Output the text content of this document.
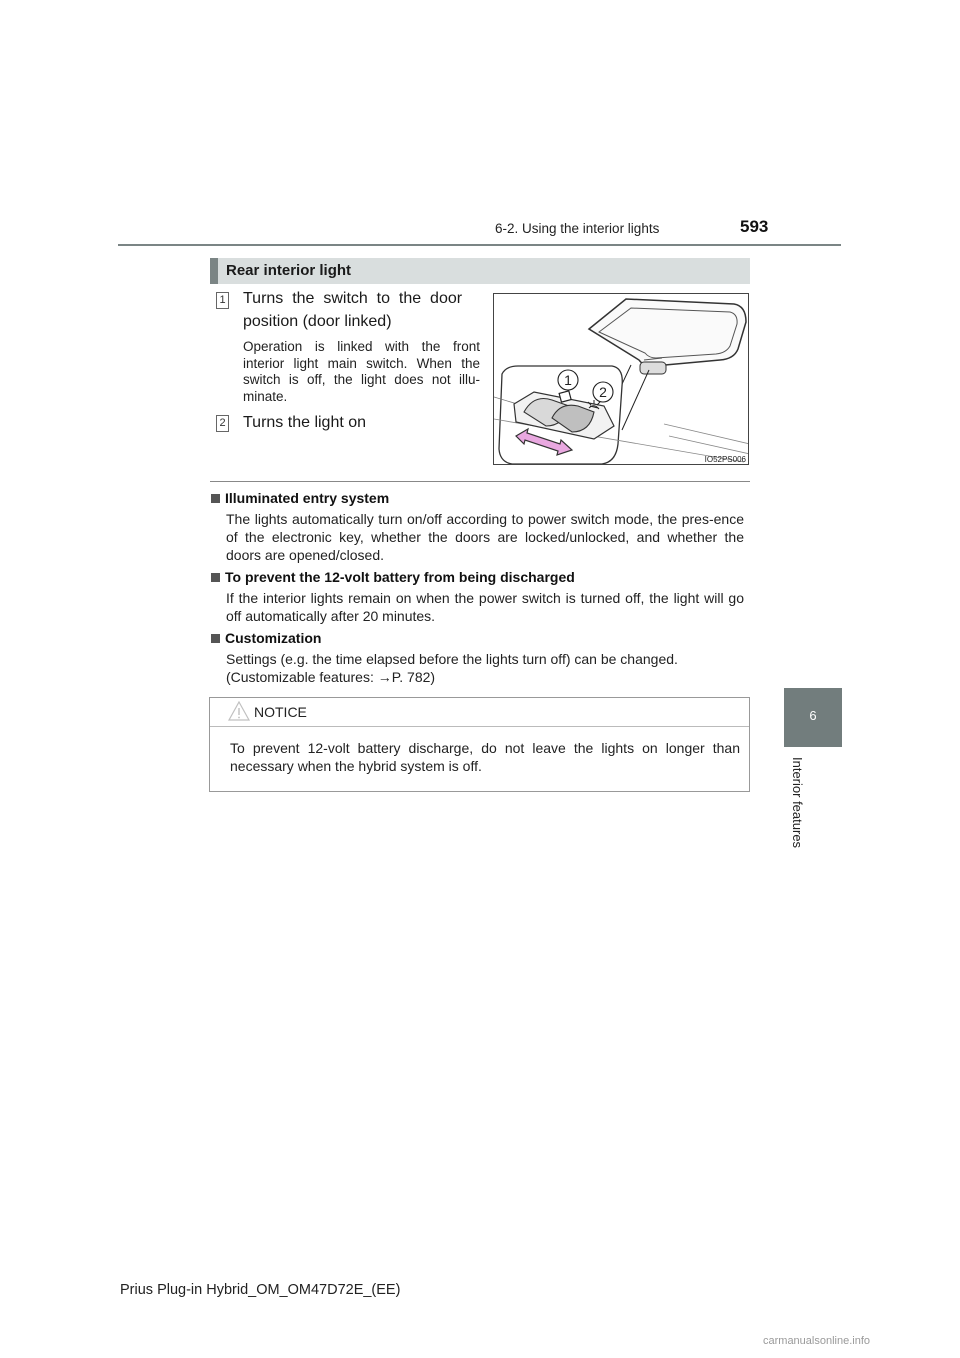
6-2. Using the interior lights	593
6
Interior features
Rear interior light
1 Turns  the  switch  to  the  door
position (door linked)
Operation is linked with the front interior light main switch. When the switch is off, the light does not illu-minate.
2 Turns the light on
1
2
IO52PS006
Illuminated entry system
The lights automatically turn on/off according to power switch mode, the pres-ence of the electronic key, whether the doors are locked/unlocked, and whether the doors are opened/closed.
To prevent the 12-volt battery from being discharged
If the interior lights remain on when the power switch is turned off, the light will go off automatically after 20 minutes.
Customization
Settings (e.g. the time elapsed before the lights turn off) can be changed.
(Customizable features: →P. 782)
NOTICE
To prevent 12-volt battery discharge, do not leave the lights on longer than necessary when the hybrid system is off.
Prius Plug-in Hybrid_OM_OM47D72E_(EE)
carmanualsonline.info
